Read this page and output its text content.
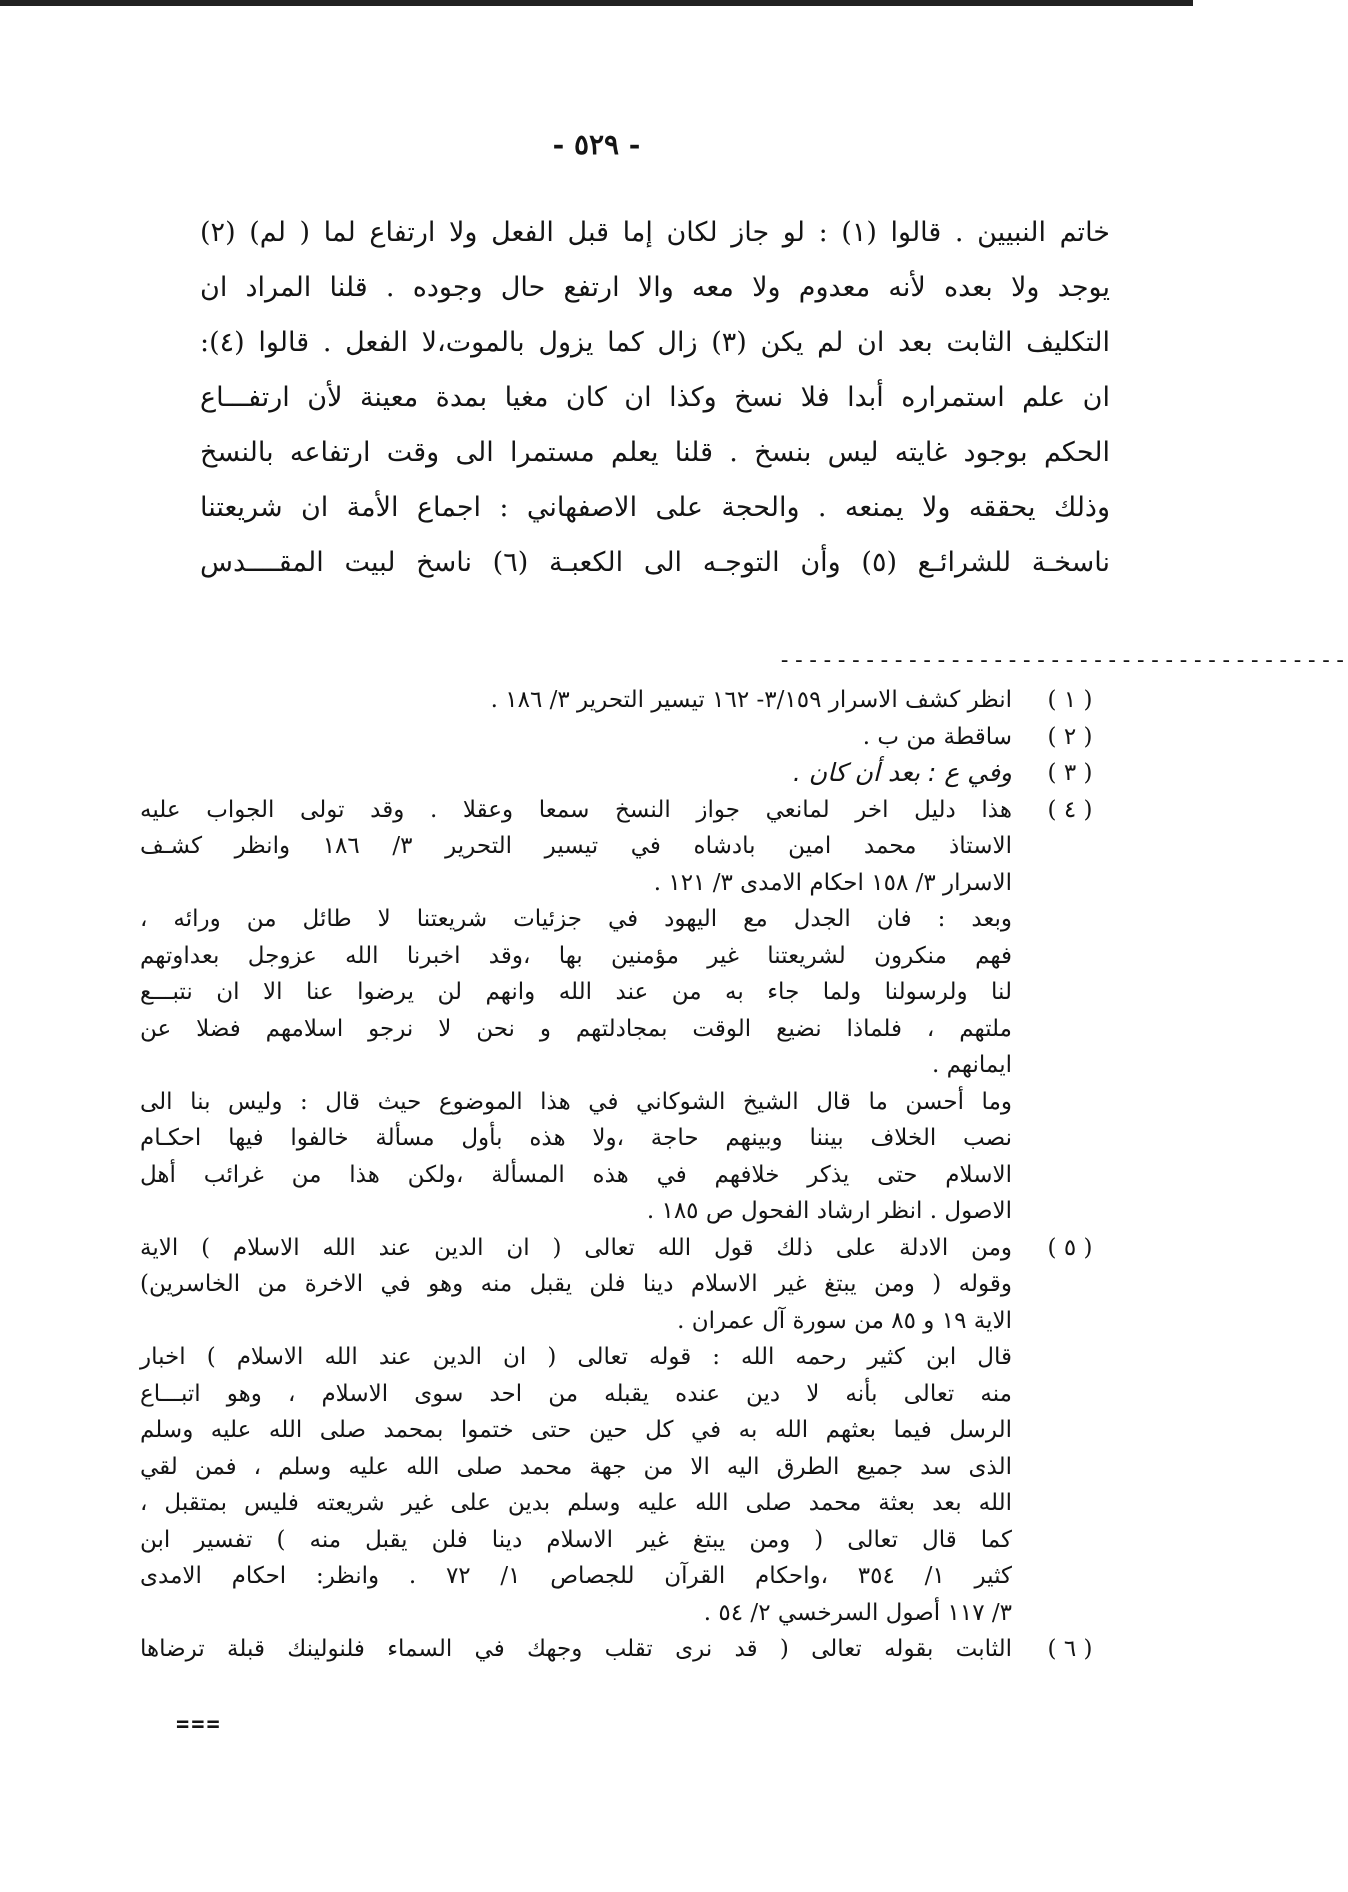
- ٥٢٩ -
خاتم النبيين . قالوا (١) : لو جاز لكان إما قبل الفعل ولا ارتفاع لما ( لم) (٢)
يوجد ولا بعده لأنه معدوم ولا معه والا ارتفع حال وجوده . قلنا المراد ان
التكليف الثابت بعد ان لم يكن (٣) زال كما يزول بالموت،لا الفعل . قالوا (٤):
ان علم استمراره أبدا فلا نسخ وكذا ان كان مغيا بمدة معينة لأن ارتفـــاع
الحكم بوجود غايته ليس بنسخ . قلنا يعلم مستمرا الى وقت ارتفاعه بالنسخ
وذلك يحققه ولا يمنعه . والحجة على الاصفهاني : اجماع الأمة ان شريعتنا
ناسخـة للشرائـع (٥) وأن التوجـه الى الكعبـة (٦) ناسخ لبيت المقــــدس
----------------------------------------
( ١ )
انظر كشف الاسرار ٣/١٥٩- ١٦٢ تيسير التحرير ٣/ ١٨٦ .
( ٢ )
ساقطة من ب .
( ٣ )
وفي ع : بعد أن كان .
( ٤ )
هذا دليل اخر لمانعي جواز النسخ سمعا وعقلا . وقد تولى الجواب عليه
الاستاذ محمد امين بادشاه في تيسير التحرير ٣/ ١٨٦ وانظر كشـف
الاسرار ٣/ ١٥٨ احكام الامدى ٣/ ١٢١ .
وبعد : فان الجدل مع اليهود في جزئيات شريعتنا لا طائل من ورائه ،
فهم منكرون لشريعتنا غير مؤمنين بها ،وقد اخبرنا الله عزوجل بعداوتهم
لنا ولرسولنا ولما جاء به من عند الله وانهم لن يرضوا عنا الا ان نتبـــع
ملتهم ، فلماذا نضيع الوقت بمجادلتهم و نحن لا نرجو اسلامهم فضلا عن
ايمانهم .
وما أحسن ما قال الشيخ الشوكاني في هذا الموضوع حيث قال : وليس بنا الى
نصب الخلاف بيننا وبينهم حاجة ،ولا هذه بأول مسألة خالفوا فيها احكـام
الاسلام حتى يذكر خلافهم في هذه المسألة ،ولكن هذا من غرائب أهل
الاصول . انظر ارشاد الفحول ص ١٨٥ .
( ٥ )
ومن الادلة على ذلك قول الله تعالى ( ان الدين عند الله الاسلام ) الاية
وقوله ( ومن يبتغ غير الاسلام دينا فلن يقبل منه وهو في الاخرة من الخاسرين)
الاية ١٩ و ٨٥ من سورة آل عمران .
قال ابن كثير رحمه الله : قوله تعالى ( ان الدين عند الله الاسلام ) اخبار
منه تعالى بأنه لا دين عنده يقبله من احد سوى الاسلام ، وهو اتبـــاع
الرسل فيما بعثهم الله به في كل حين حتى ختموا بمحمد صلى الله عليه وسلم
الذى سد جميع الطرق اليه الا من جهة محمد صلى الله عليه وسلم ، فمن لقي
الله بعد بعثة محمد صلى الله عليه وسلم بدين على غير شريعته فليس بمتقبل ،
كما قال تعالى ( ومن يبتغ غير الاسلام دينا فلن يقبل منه ) تفسير ابن
كثير ١/ ٣٥٤ ،واحكام القرآن للجصاص ١/ ٧٢ . وانظر: احكام الامدى
٣/ ١١٧ أصول السرخسي ٢/ ٥٤ .
( ٦ )
الثابت بقوله تعالى ( قد نرى تقلب وجهك في السماء فلنولينك قبلة ترضاها
===
